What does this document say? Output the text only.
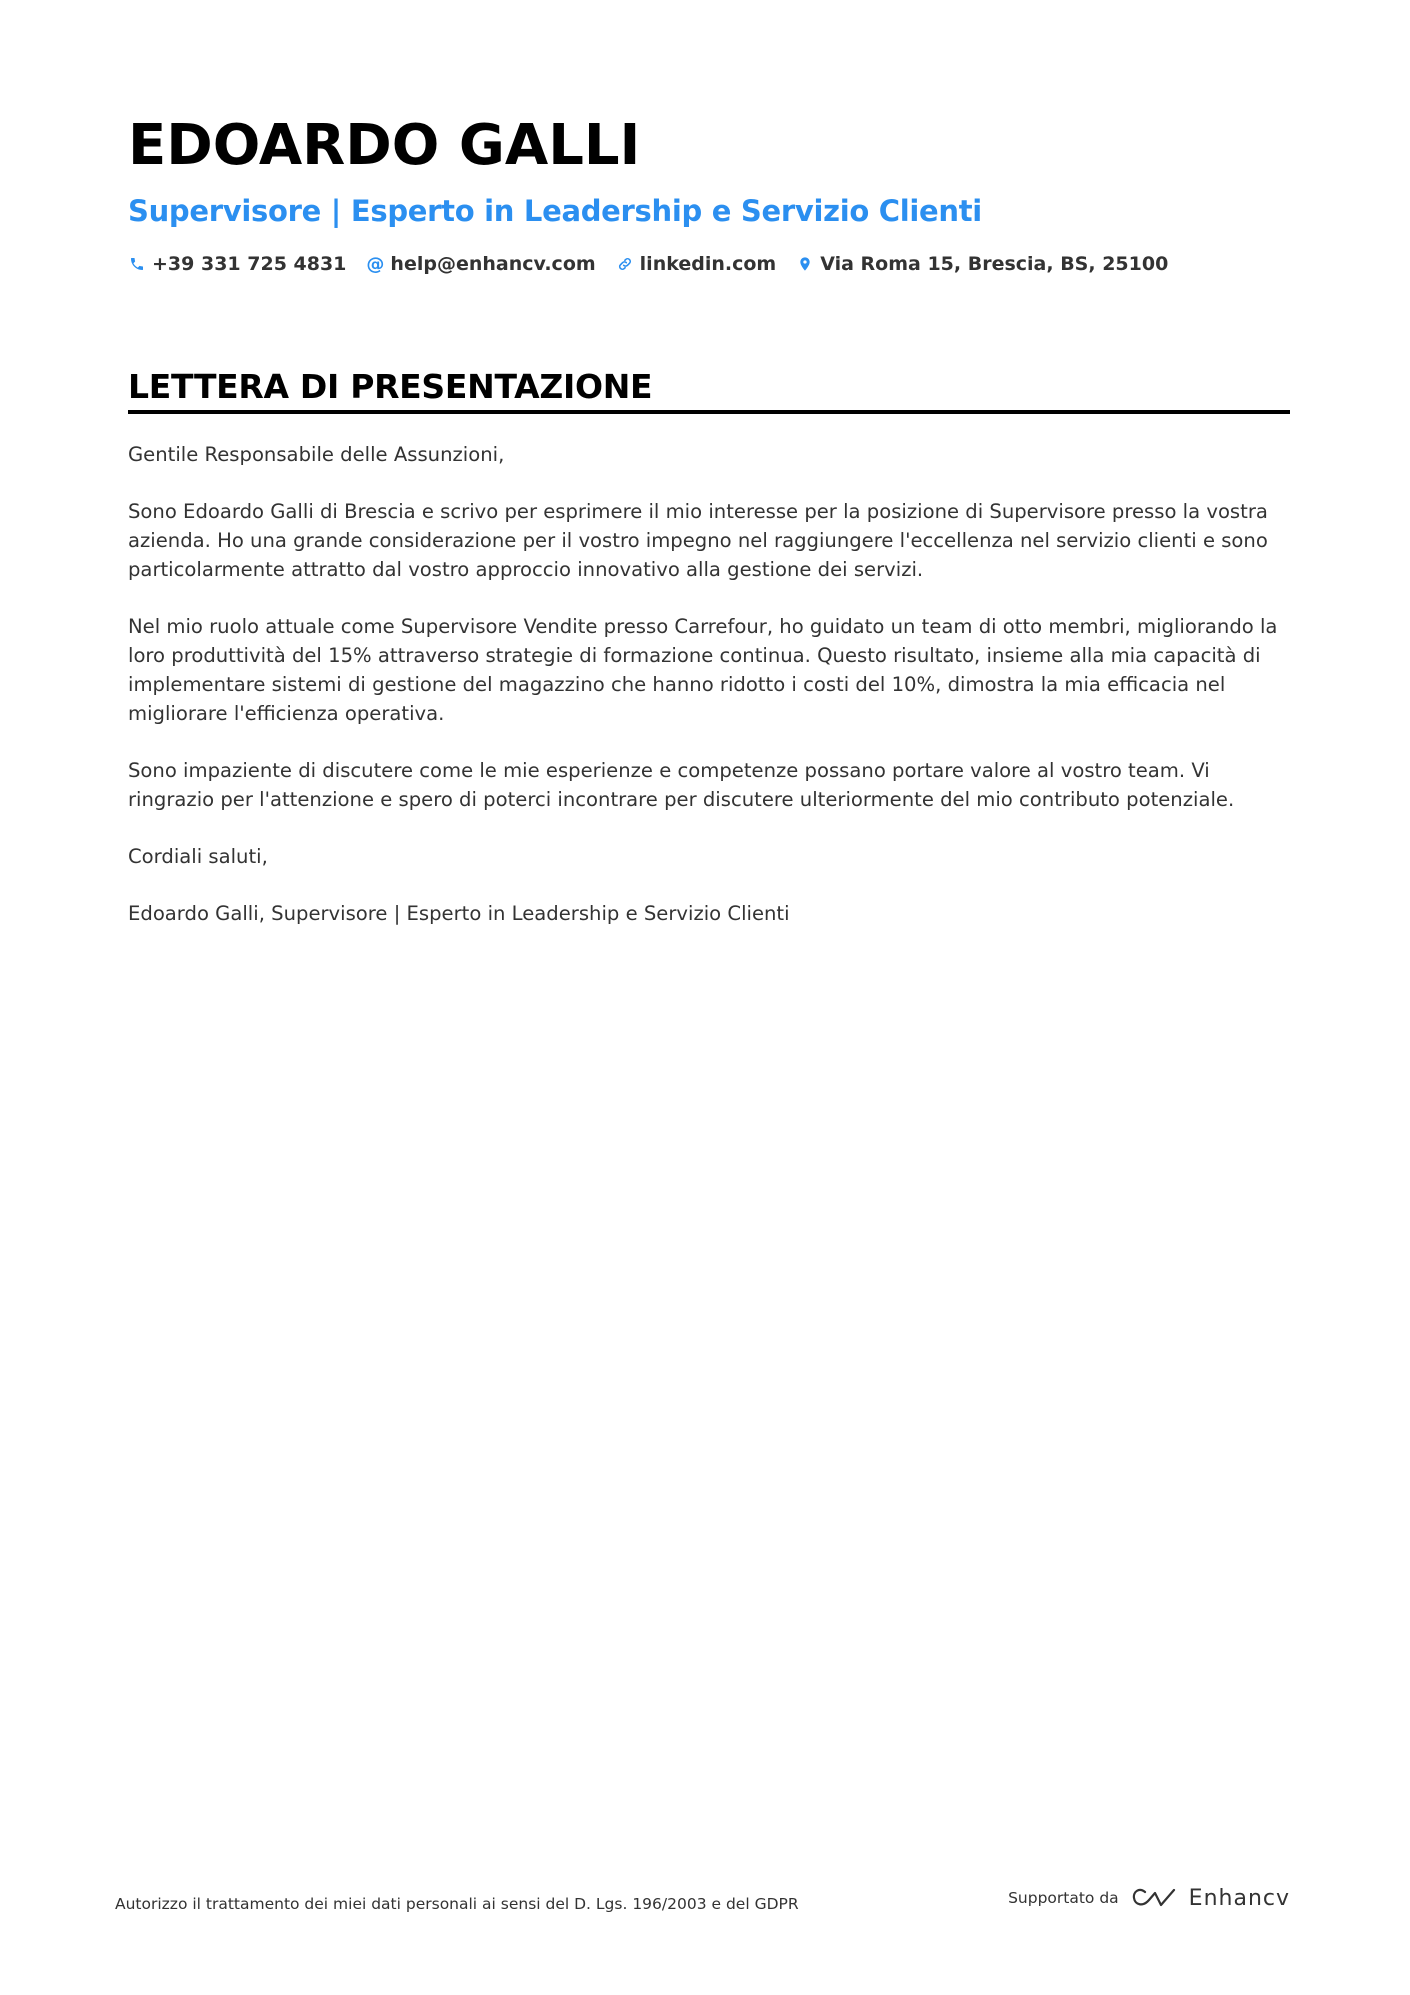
EDOARDO GALLI
Supervisore | Esperto in Leadership e Servizio Clienti
+39 331 725 4831 @ help@enhancv.com linkedin.com Via Roma 15, Brescia, BS, 25100
LETTERA DI PRESENTAZIONE

Gentile Responsabile delle Assunzioni,

Sono Edoardo Galli di Brescia e scrivo per esprimere il mio interesse per la posizione di Supervisore presso la vostra azienda. Ho una grande considerazione per il vostro impegno nel raggiungere l'eccellenza nel servizio clienti e sono particolarmente attratto dal vostro approccio innovativo alla gestione dei servizi.

Nel mio ruolo attuale come Supervisore Vendite presso Carrefour, ho guidato un team di otto membri, migliorando la loro produttività del 15% attraverso strategie di formazione continua. Questo risultato, insieme alla mia capacità di implementare sistemi di gestione del magazzino che hanno ridotto i costi del 10%, dimostra la mia efficacia nel migliorare l'efficienza operativa.

Sono impaziente di discutere come le mie esperienze e competenze possano portare valore al vostro team. Vi ringrazio per l'attenzione e spero di poterci incontrare per discutere ulteriormente del mio contributo potenziale.

Cordiali saluti,

Edoardo Galli, Supervisore | Esperto in Leadership e Servizio Clienti

Autorizzo il trattamento dei miei dati personali ai sensi del D. Lgs. 196/2003 e del GDPR	Supportato da	Enhancv
